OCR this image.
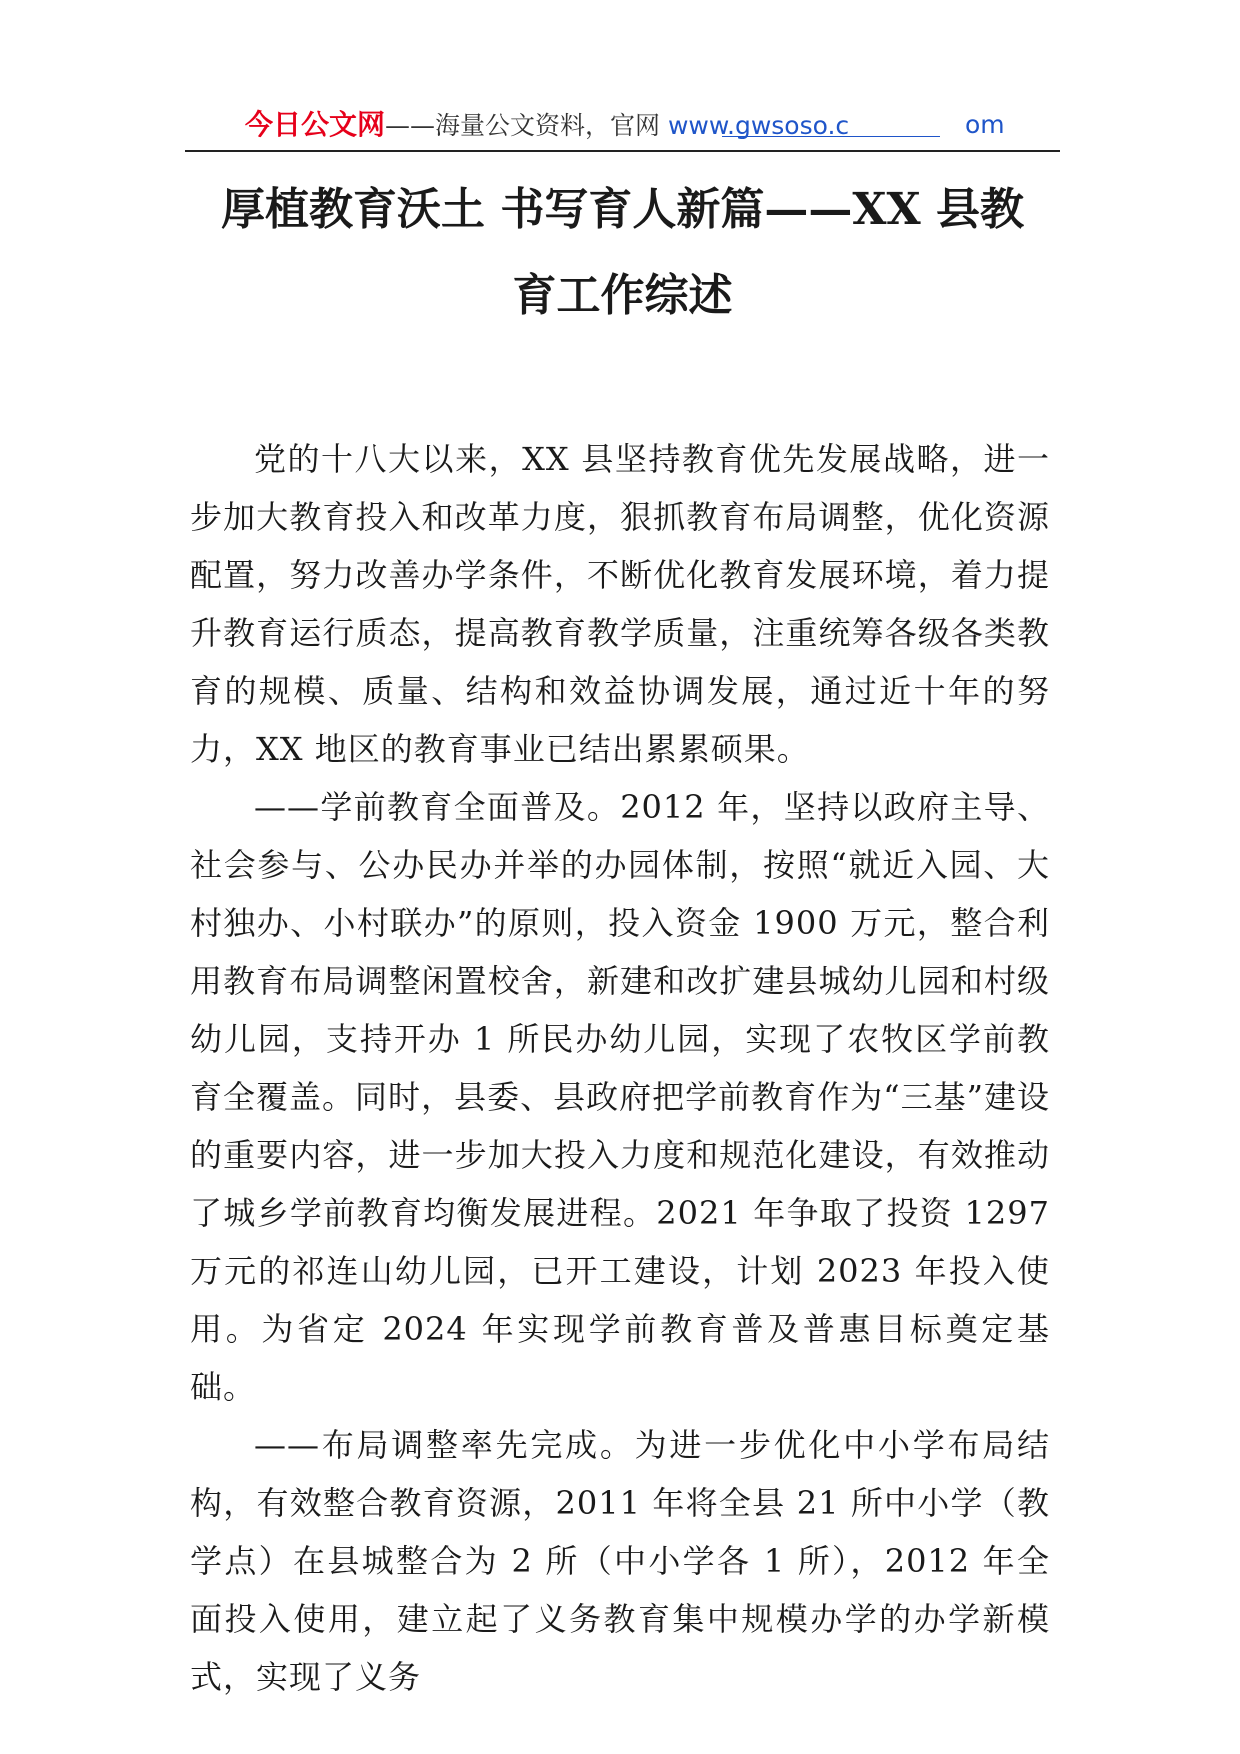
今日公文网——海量公文资料，官网 www.gwsoso.c	om
厚植教育沃土 书写育人新篇——XX 县教
育工作综述

党的十八大以来，XX 县坚持教育优先发展战略，进一步加大教育投入和改革力度，狠抓教育布局调整，优化资源配置，努力改善办学条件，不断优化教育发展环境，着力提升教育运行质态，提高教育教学质量，注重统筹各级各类教育的规模、质量、结构和效益协调发展，通过近十年的努力，XX 地区的教育事业已结出累累硕果。

——学前教育全面普及。2012 年，坚持以政府主导、社会参与、公办民办并举的办园体制，按照“就近入园、大村独办、小村联办”的原则，投入资金 1900 万元，整合利用教育布局调整闲置校舍，新建和改扩建县城幼儿园和村级幼儿园，支持开办 1 所民办幼儿园，实现了农牧区学前教育全覆盖。同时，县委、县政府把学前教育作为“三基”建设的重要内容，进一步加大投入力度和规范化建设，有效推动了城乡学前教育均衡发展进程。2021 年争取了投资 1297 万元的祁连山幼儿园，已开工建设，计划 2023 年投入使用。为省定 2024 年实现学前教育普及普惠目标奠定基础。

——布局调整率先完成。为进一步优化中小学布局结构，有效整合教育资源，2011 年将全县 21 所中小学（教学点）在县城整合为 2 所（中小学各 1 所），2012 年全面投入使用，建立起了义务教育集中规模办学的办学新模式，实现了义务
